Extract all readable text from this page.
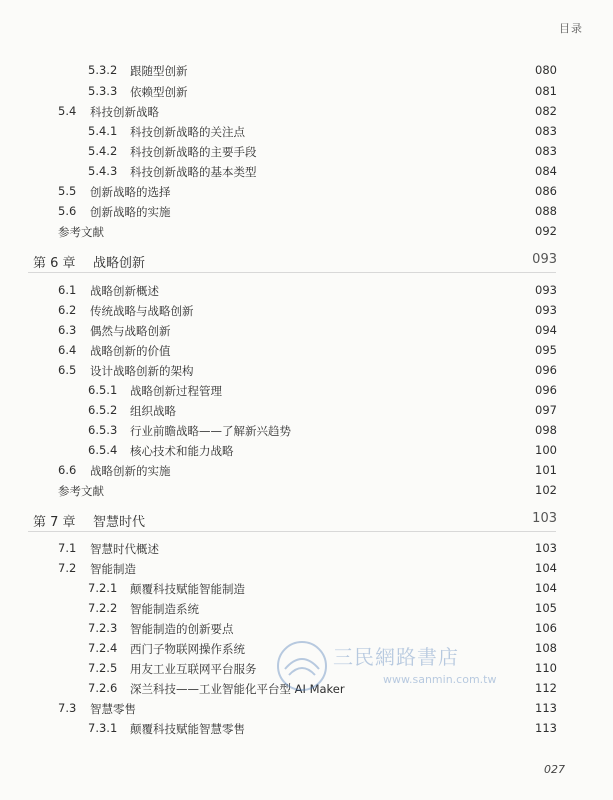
目录
5.3.2 跟随型创新	080
5.3.3 依赖型创新	081
5.4 科技创新战略	082
5.4.1 科技创新战略的关注点	083
5.4.2 科技创新战略的主要手段	083
5.4.3 科技创新战略的基本类型	084
5.5 创新战略的选择	086
5.6 创新战略的实施	088
参考文献	092
第 6 章 战略创新	093
6.1 战略创新概述	093
6.2 传统战略与战略创新	093
6.3 偶然与战略创新	094
6.4 战略创新的价值	095
6.5 设计战略创新的架构	096
6.5.1 战略创新过程管理	096
6.5.2 组织战略	097
6.5.3 行业前瞻战略——了解新兴趋势	098
6.5.4 核心技术和能力战略	100
6.6 战略创新的实施	101
参考文献	102
第 7 章 智慧时代	103
7.1 智慧时代概述	103
7.2 智能制造	104
7.2.1 颠覆科技赋能智能制造	104
7.2.2 智能制造系统	105
7.2.3 智能制造的创新要点	106
7.2.4 西门子物联网操作系统	108
7.2.5 用友工业互联网平台服务	110
7.2.6 深兰科技——工业智能化平台型 AI Maker	112
7.3 智慧零售	113
7.3.1 颠覆科技赋能智慧零售	113
三民網路書店
www.sanmin.com.tw
027
